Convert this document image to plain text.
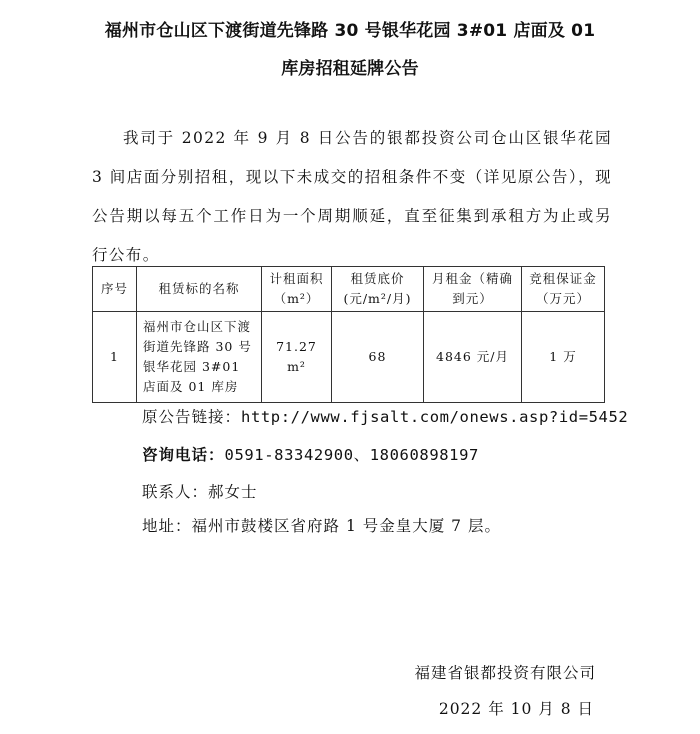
福州市仓山区下渡街道先锋路 30 号银华花园 3#01 店面及 01
库房招租延牌公告

我司于 2022 年 9 月 8 日公告的银都投资公司仓山区银华花园 3 间店面分别招租，现以下未成交的招租条件不变（详见原公告），现公告期以每五个工作日为一个周期顺延，直至征集到承租方为止或另行公布。

序号	租赁标的名称	计租面积（m²）	租赁底价(元/m²/月)	月租金（精确到元）	竞租保证金（万元）
1	福州市仓山区下渡街道先锋路 30 号银华花园 3#01 店面及 01 库房	71.27 m²	68	4846 元/月	1 万
原公告链接：http://www.fjsalt.com/onews.asp?id=5452
咨询电话：0591-83342900、18060898197
联系人：郝女士
地址：福州市鼓楼区省府路 1 号金皇大厦 7 层。
福建省银都投资有限公司
2022 年 10 月 8 日
